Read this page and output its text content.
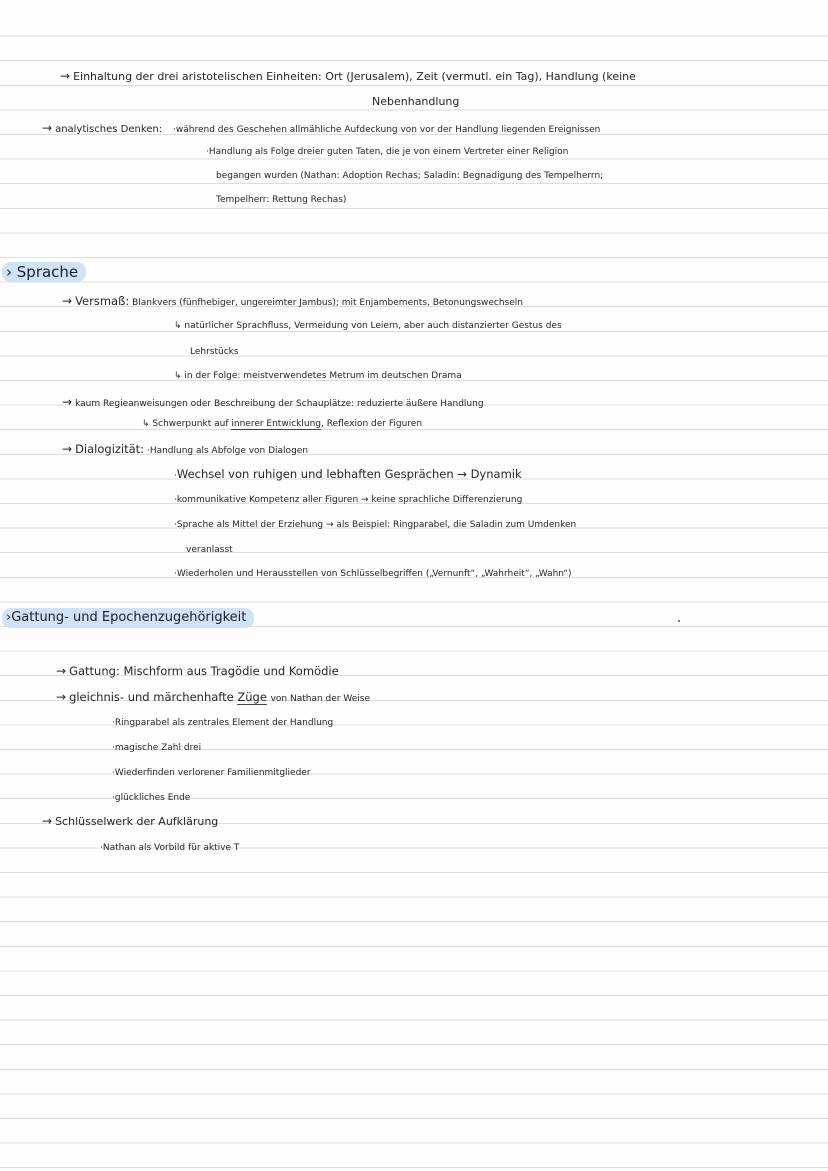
→ Einhaltung der drei aristotelischen Einheiten: Ort (Jerusalem), Zeit (vermutl. ein Tag), Handlung (keine
Nebenhandlung
→ analytisches Denken: ·während des Geschehen allmähliche Aufdeckung von vor der Handlung liegenden Ereignissen
·Handlung als Folge dreier guten Taten, die je von einem Vertreter einer Religion
begangen wurden (Nathan: Adoption Rechas; Saladin: Begnadigung des Tempelherrn;
Tempelherr: Rettung Rechas)
› Sprache
→ Versmaß: Blankvers (fünfhebiger, ungereimter Jambus); mit Enjambements, Betonungswechseln
↳ natürlicher Sprachfluss, Vermeidung von Leiern, aber auch distanzierter Gestus des
Lehrstücks
↳ in der Folge: meistverwendetes Metrum im deutschen Drama
→ kaum Regieanweisungen oder Beschreibung der Schauplätze: reduzierte äußere Handlung
↳ Schwerpunkt auf innerer Entwicklung, Reflexion der Figuren
→ Dialogizität: ·Handlung als Abfolge von Dialogen
·Wechsel von ruhigen und lebhaften Gesprächen → Dynamik
·kommunikative Kompetenz aller Figuren → keine sprachliche Differenzierung
·Sprache als Mittel der Erziehung → als Beispiel: Ringparabel, die Saladin zum Umdenken
veranlasst
·Wiederholen und Herausstellen von Schlüsselbegriffen („Vernunft“, „Wahrheit“, „Wahn“)
›Gattung- und Epochenzugehörigkeit
→ Gattung: Mischform aus Tragödie und Komödie
→ gleichnis- und märchenhafte Züge von Nathan der Weise
·Ringparabel als zentrales Element der Handlung
·magische Zahl drei
·Wiederfinden verlorener Familienmitglieder
·glückliches Ende
→ Schlüsselwerk der Aufklärung
·Nathan als Vorbild für aktive T
